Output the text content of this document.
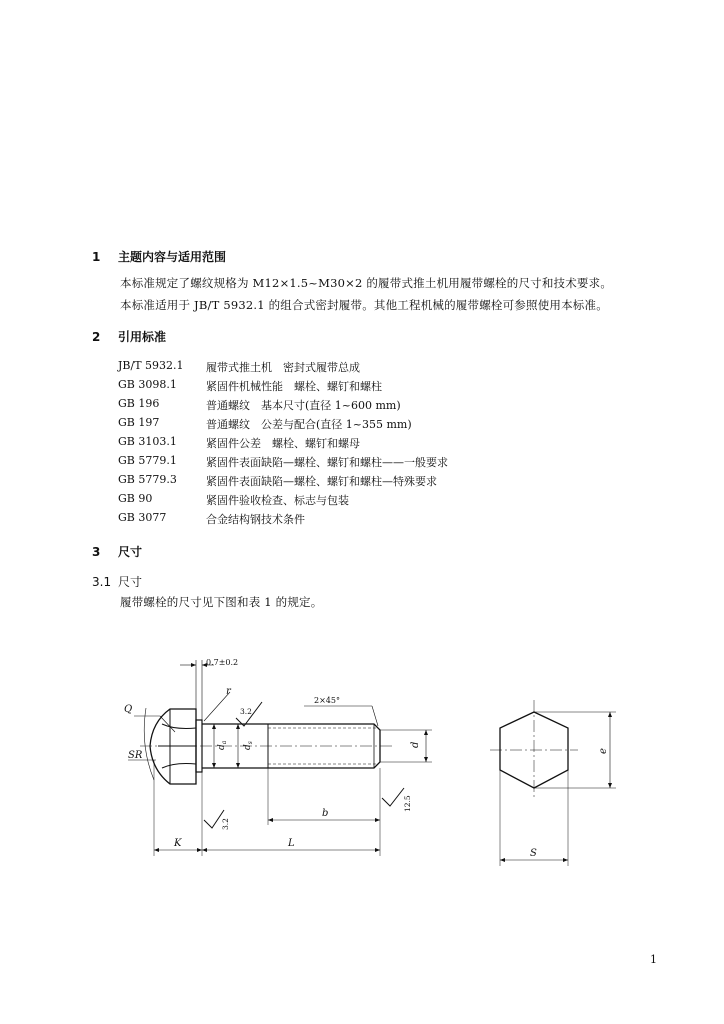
1 主题内容与适用范围
本标准规定了螺纹规格为 M12×1.5~M30×2 的履带式推土机用履带螺栓的尺寸和技术要求。
本标准适用于 JB/T 5932.1 的组合式密封履带。其他工程机械的履带螺栓可参照使用本标准。
2 引用标准
JB/T 5932.1	履带式推土机　密封式履带总成
GB 3098.1	紧固件机械性能　螺栓、螺钉和螺柱
GB 196	普通螺纹　基本尺寸(直径 1~600 mm)
GB 197	普通螺纹　公差与配合(直径 1~355 mm)
GB 3103.1	紧固件公差　螺栓、螺钉和螺母
GB 5779.1	紧固件表面缺陷—螺栓、螺钉和螺柱——一般要求
GB 5779.3	紧固件表面缺陷—螺栓、螺钉和螺柱—特殊要求
GB 90	紧固件验收检查、标志与包装
GB 3077	合金结构钢技术条件
3 尺寸
3.1 尺寸
履带螺栓的尺寸见下图和表 1 的规定。
0.7±0.2
2×45°
Q
r
SR
3.2
3.2
12.5
$d_a$
$d_s$	d
b
K	L
e
S
1
